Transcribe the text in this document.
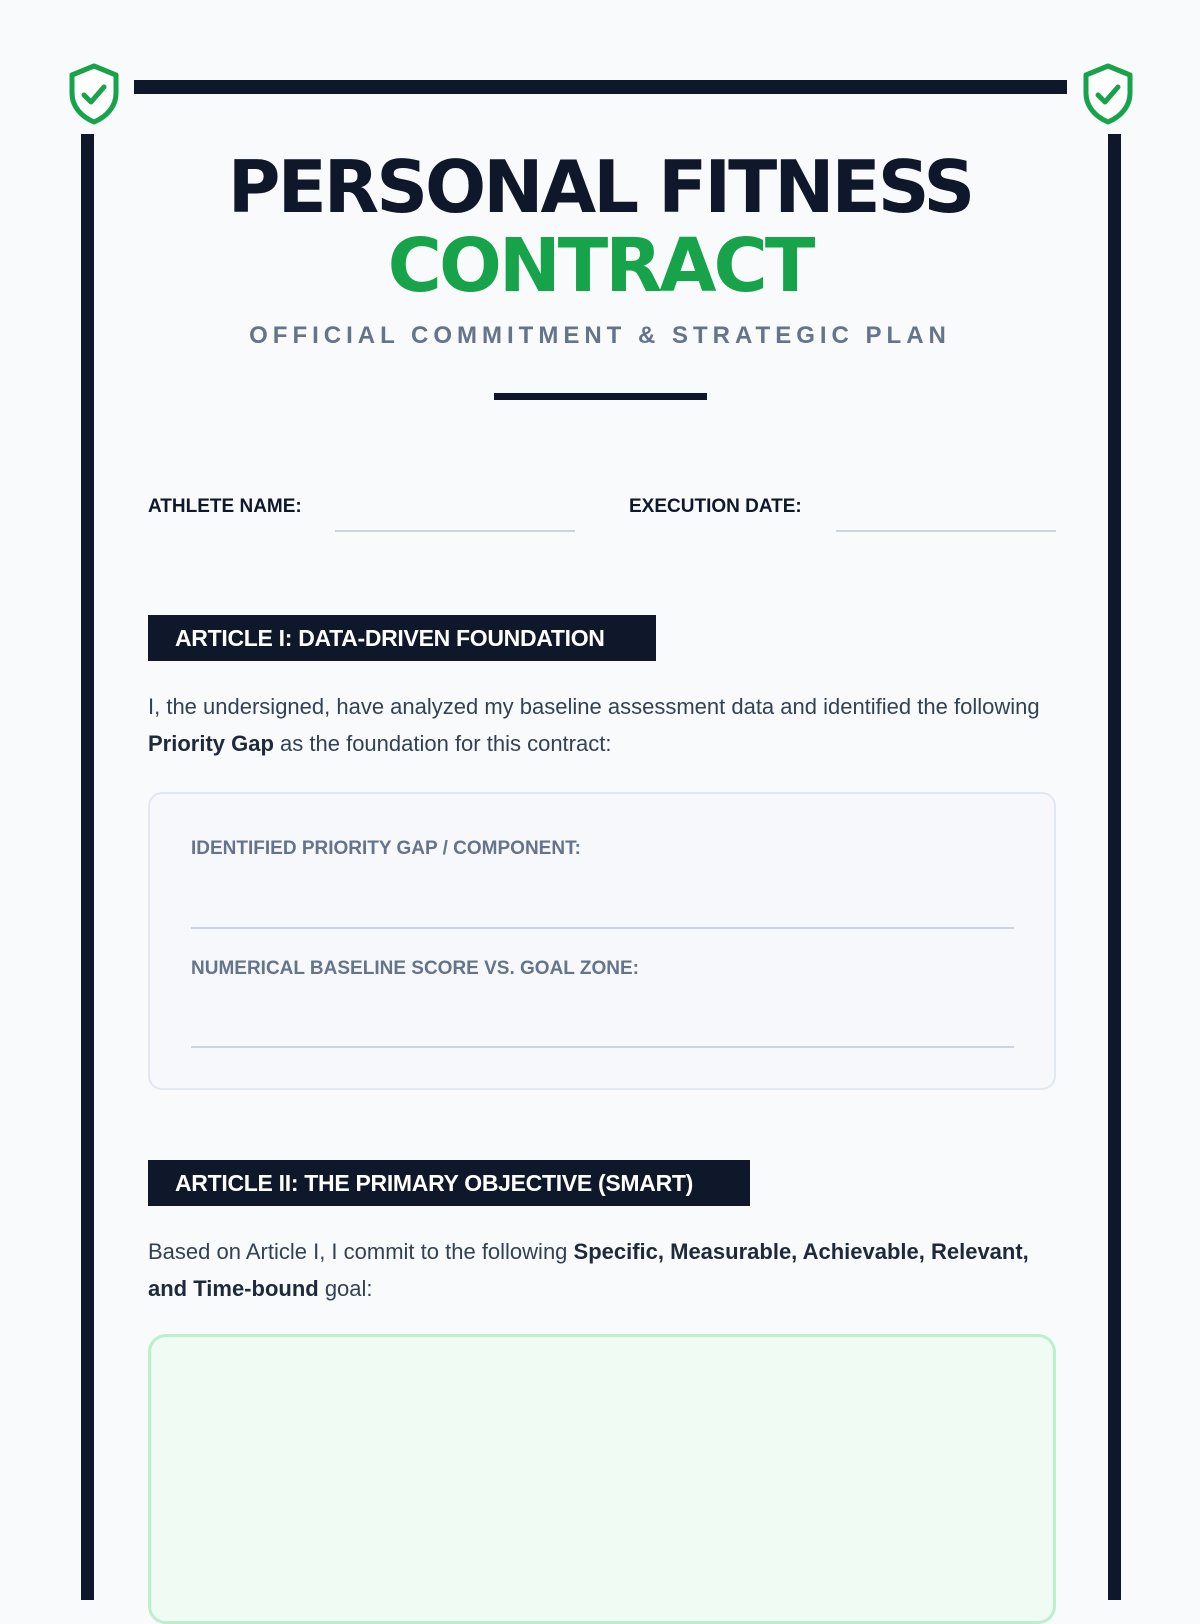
PERSONAL FITNESS
CONTRACT
OFFICIAL COMMITMENT & STRATEGIC PLAN
ATHLETE NAME:	EXECUTION DATE:
ARTICLE I: DATA-DRIVEN FOUNDATION
I, the undersigned, have analyzed my baseline assessment data and identified the following Priority Gap as the foundation for this contract:
IDENTIFIED PRIORITY GAP / COMPONENT:
NUMERICAL BASELINE SCORE VS. GOAL ZONE:
ARTICLE II: THE PRIMARY OBJECTIVE (SMART)
Based on Article I, I commit to the following Specific, Measurable, Achievable, Relevant, and Time-bound goal:
